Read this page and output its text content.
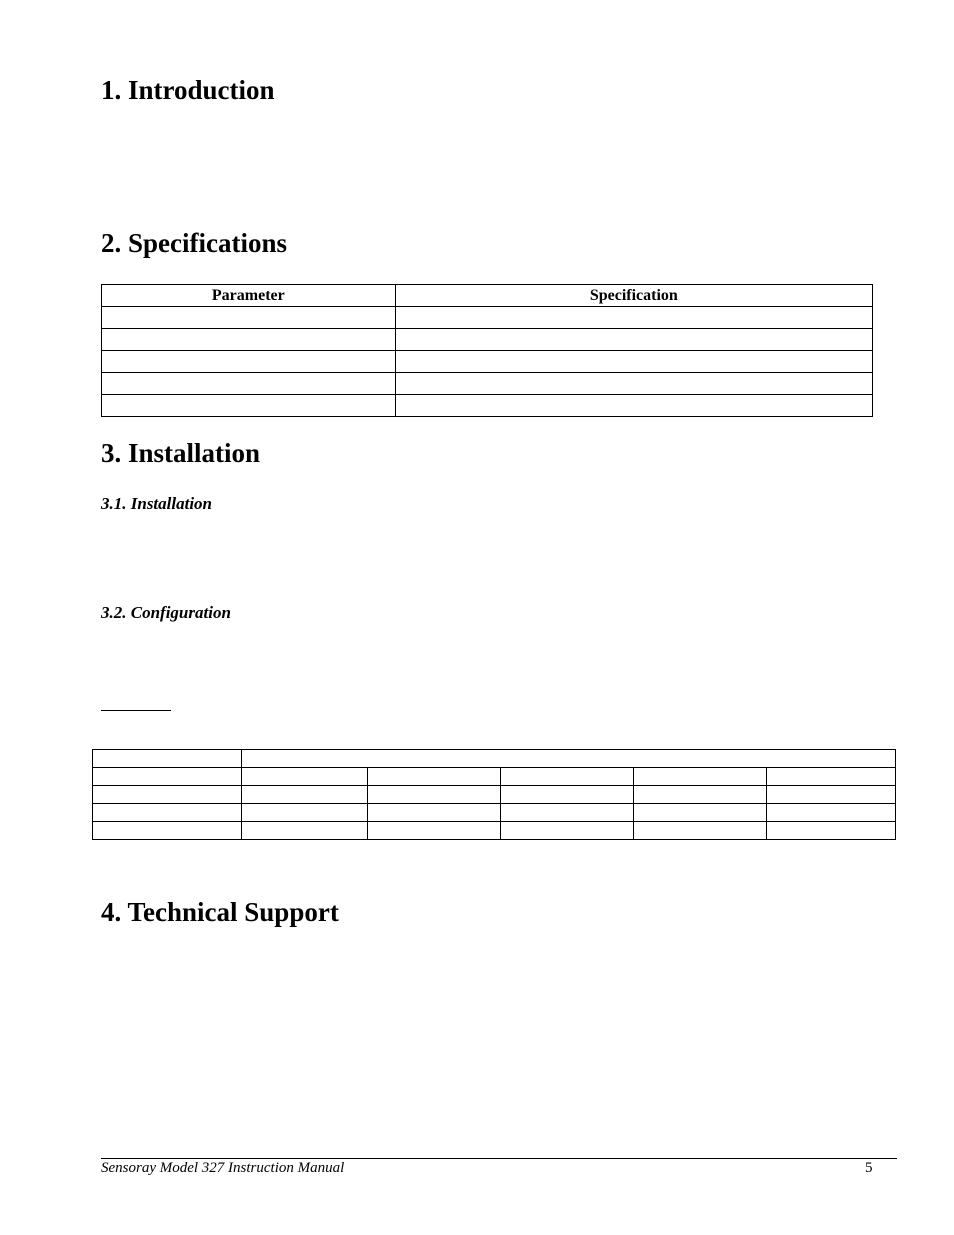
1. Introduction
2. Specifications
Parameter	Specification

3. Installation
3.1. Installation
3.2. Configuration

4. Technical Support
Sensoray Model 327 Instruction Manual	5
